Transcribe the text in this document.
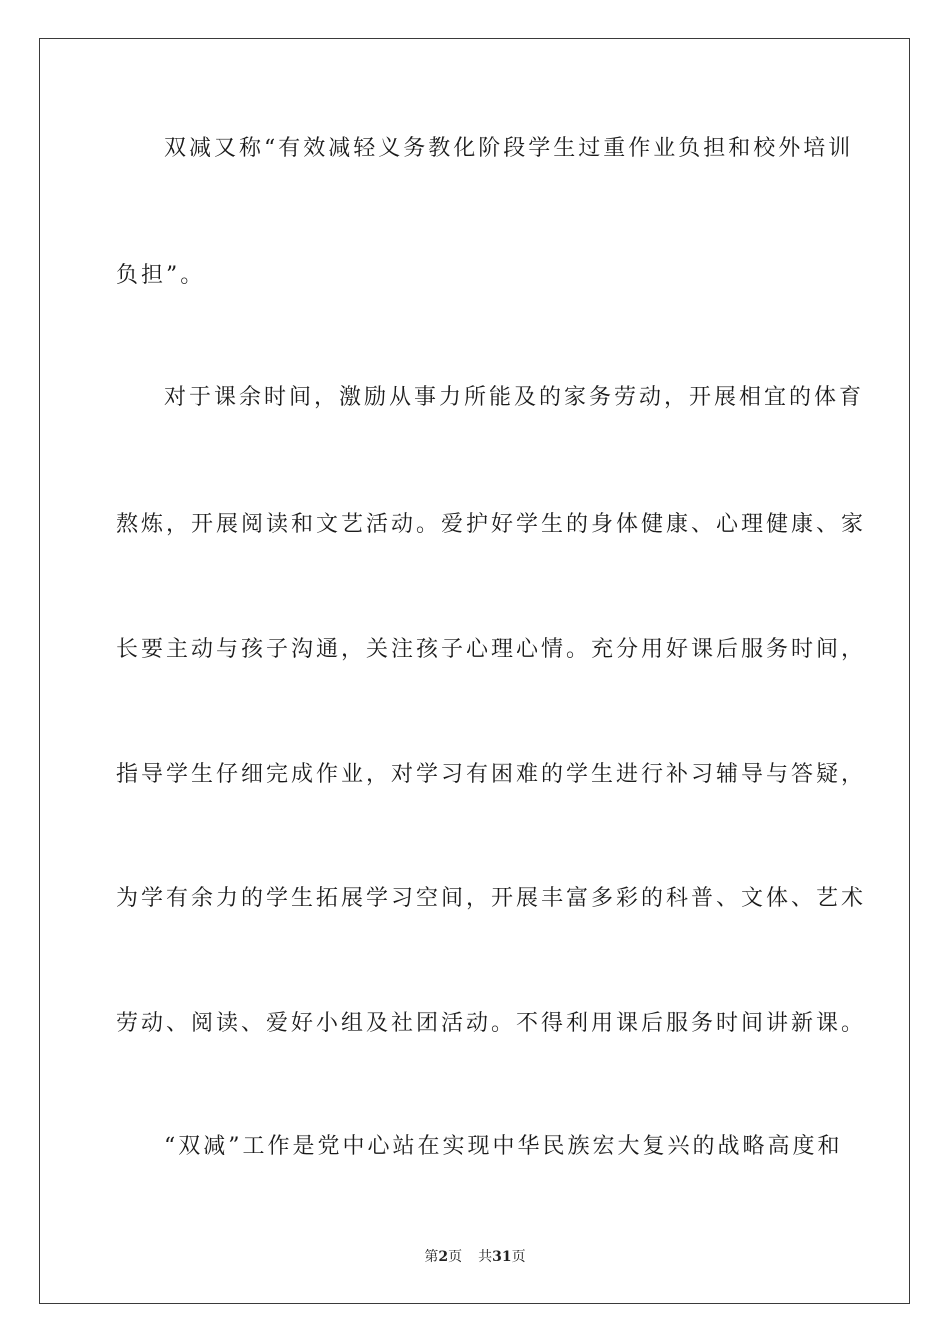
双减又称“有效减轻义务教化阶段学生过重作业负担和校外培训
负担”。
对于课余时间，激励从事力所能及的家务劳动，开展相宜的体育
熬炼，开展阅读和文艺活动。爱护好学生的身体健康、心理健康、家
长要主动与孩子沟通，关注孩子心理心情。充分用好课后服务时间，
指导学生仔细完成作业，对学习有困难的学生进行补习辅导与答疑，
为学有余力的学生拓展学习空间，开展丰富多彩的科普、文体、艺术
劳动、阅读、爱好小组及社团活动。不得利用课后服务时间讲新课。
“双减”工作是党中心站在实现中华民族宏大复兴的战略高度和
第2页 共31页
